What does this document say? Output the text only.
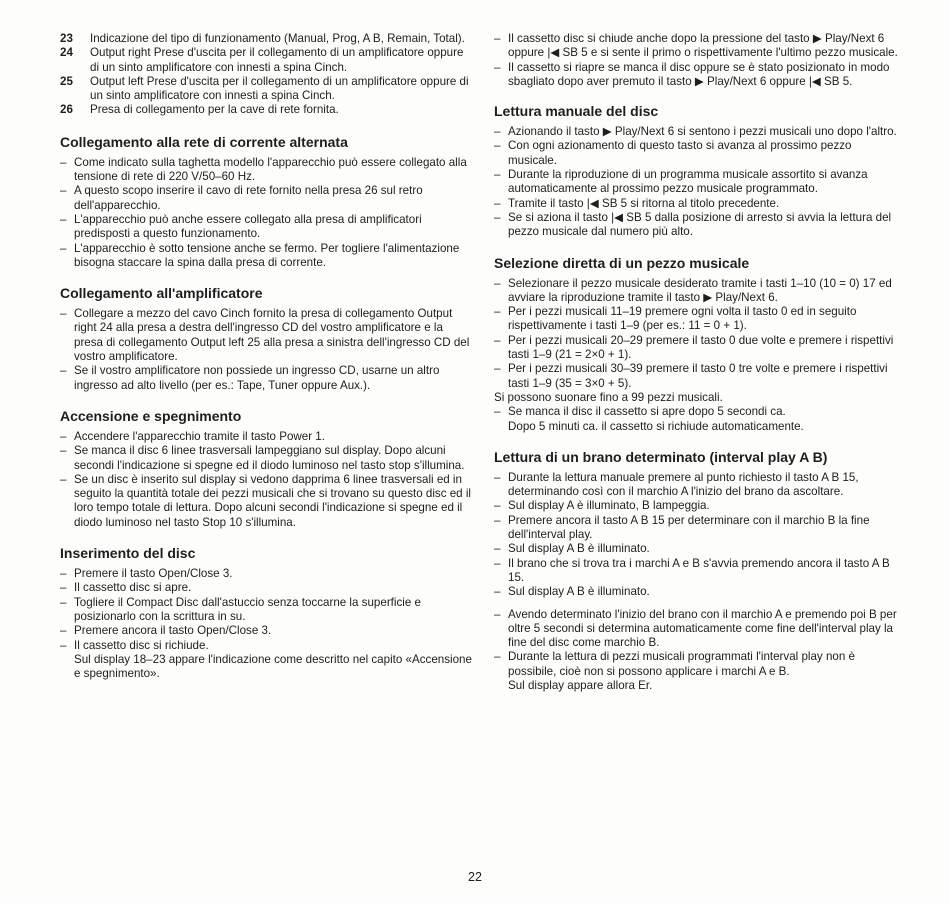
23	Indicazione del tipo di funzionamento (Manual, Prog, A B, Remain, Total).
24	Output right Prese d'uscita per il collegamento di un amplificatore oppure di un sinto amplificatore con innesti a spina Cinch.
25	Output left Prese d'uscita per il collegamento di un amplificatore oppure di un sinto amplificatore con innesti a spina Cinch.
26	Presa di collegamento per la cave di rete fornita.
Collegamento alla rete di corrente alternata
– Come indicato sulla taghetta modello l'apparecchio può essere collegato alla tensione di rete di 220 V/50–60 Hz.
– A questo scopo inserire il cavo di rete fornito nella presa 26 sul retro dell'apparecchio.
– L'apparecchio può anche essere collegato alla presa di amplificatori predisposti a questo funzionamento.
– L'apparecchio è sotto tensione anche se fermo. Per togliere l'alimentazione bisogna staccare la spina dalla presa di corrente.
Collegamento all'amplificatore
– Collegare a mezzo del cavo Cinch fornito la presa di collegamento Output right 24 alla presa a destra dell'ingresso CD del vostro amplificatore e la presa di collegamento Output left 25 alla presa a sinistra dell'ingresso CD del vostro amplificatore.
– Se il vostro amplificatore non possiede un ingresso CD, usarne un altro ingresso ad alto livello (per es.: Tape, Tuner oppure Aux.).
Accensione e spegnimento
– Accendere l'apparecchio tramite il tasto Power 1.
– Se manca il disc 6 linee trasversali lampeggiano sul display. Dopo alcuni secondi l'indicazione si spegne ed il diodo luminoso nel tasto stop s'illumina.
– Se un disc è inserito sul display si vedono dapprima 6 linee trasversali ed in seguito la quantità totale dei pezzi musicali che si trovano su questo disc ed il loro tempo totale di lettura. Dopo alcuni secondi l'indicazione si spegne ed il diodo luminoso nel tasto Stop 10 s'illumina.
Inserimento del disc
– Premere il tasto Open/Close 3.
– Il cassetto disc si apre.
– Togliere il Compact Disc dall'astuccio senza toccarne la superficie e posizionarlo con la scrittura in su.
– Premere ancora il tasto Open/Close 3.
– Il cassetto disc si richiude.

Sul display 18–23 appare l'indicazione come descritto nel capito «Accensione e spegnimento».

– Il cassetto disc si chiude anche dopo la pressione del tasto ▶ Play/Next 6 oppure |◀ SB 5 e si sente il primo o rispettivamente l'ultimo pezzo musicale.
– Il cassetto si riapre se manca il disc oppure se è stato posizionato in modo sbagliato dopo aver premuto il tasto ▶ Play/Next 6 oppure |◀ SB 5.
Lettura manuale del disc
– Azionando il tasto ▶ Play/Next 6 si sentono i pezzi musicali uno dopo l'altro.
– Con ogni azionamento di questo tasto si avanza al prossimo pezzo musicale.
– Durante la riproduzione di un programma musicale assortito si avanza automaticamente al prossimo pezzo musicale programmato.
– Tramite il tasto |◀ SB 5 si ritorna al titolo precedente.
– Se si aziona il tasto |◀ SB 5 dalla posizione di arresto si avvia la lettura del pezzo musicale dal numero più alto.
Selezione diretta di un pezzo musicale
– Selezionare il pezzo musicale desiderato tramite i tasti 1–10 (10 = 0) 17 ed avviare la riproduzione tramite il tasto ▶ Play/Next 6.
– Per i pezzi musicali 11–19 premere ogni volta il tasto 0 ed in seguito rispettivamente i tasti 1–9 (per es.: 11 = 0 + 1).
– Per i pezzi musicali 20–29 premere il tasto 0 due volte e premere i rispettivi tasti 1–9 (21 = 2×0 + 1).
– Per i pezzi musicali 30–39 premere il tasto 0 tre volte e premere i rispettivi tasti 1–9 (35 = 3×0 + 5).

Si possono suonare fino a 99 pezzi musicali.

– Se manca il disc il cassetto si apre dopo 5 secondi ca.

Dopo 5 minuti ca. il cassetto si richiude automaticamente.

Lettura di un brano determinato (interval play A B)
– Durante la lettura manuale premere al punto richiesto il tasto A B 15, determinando così con il marchio A l'inizio del brano da ascoltare.
– Sul display A è illuminato, B lampeggia.
– Premere ancora il tasto A B 15 per determinare con il marchio B la fine dell'interval play.
– Sul display A B è illuminato.
– Il brano che si trova tra i marchi A e B s'avvia premendo ancora il tasto A B 15.
– Sul display A B è illuminato.
– Avendo determinato l'inizio del brano con il marchio A e premendo poi B per oltre 5 secondi si determina automaticamente come fine dell'interval play la fine del disc come marchio B.
– Durante la lettura di pezzi musicali programmati l'interval play non è possibile, cioè non si possono applicare i marchi A e B.

Sul display appare allora Er.

22
